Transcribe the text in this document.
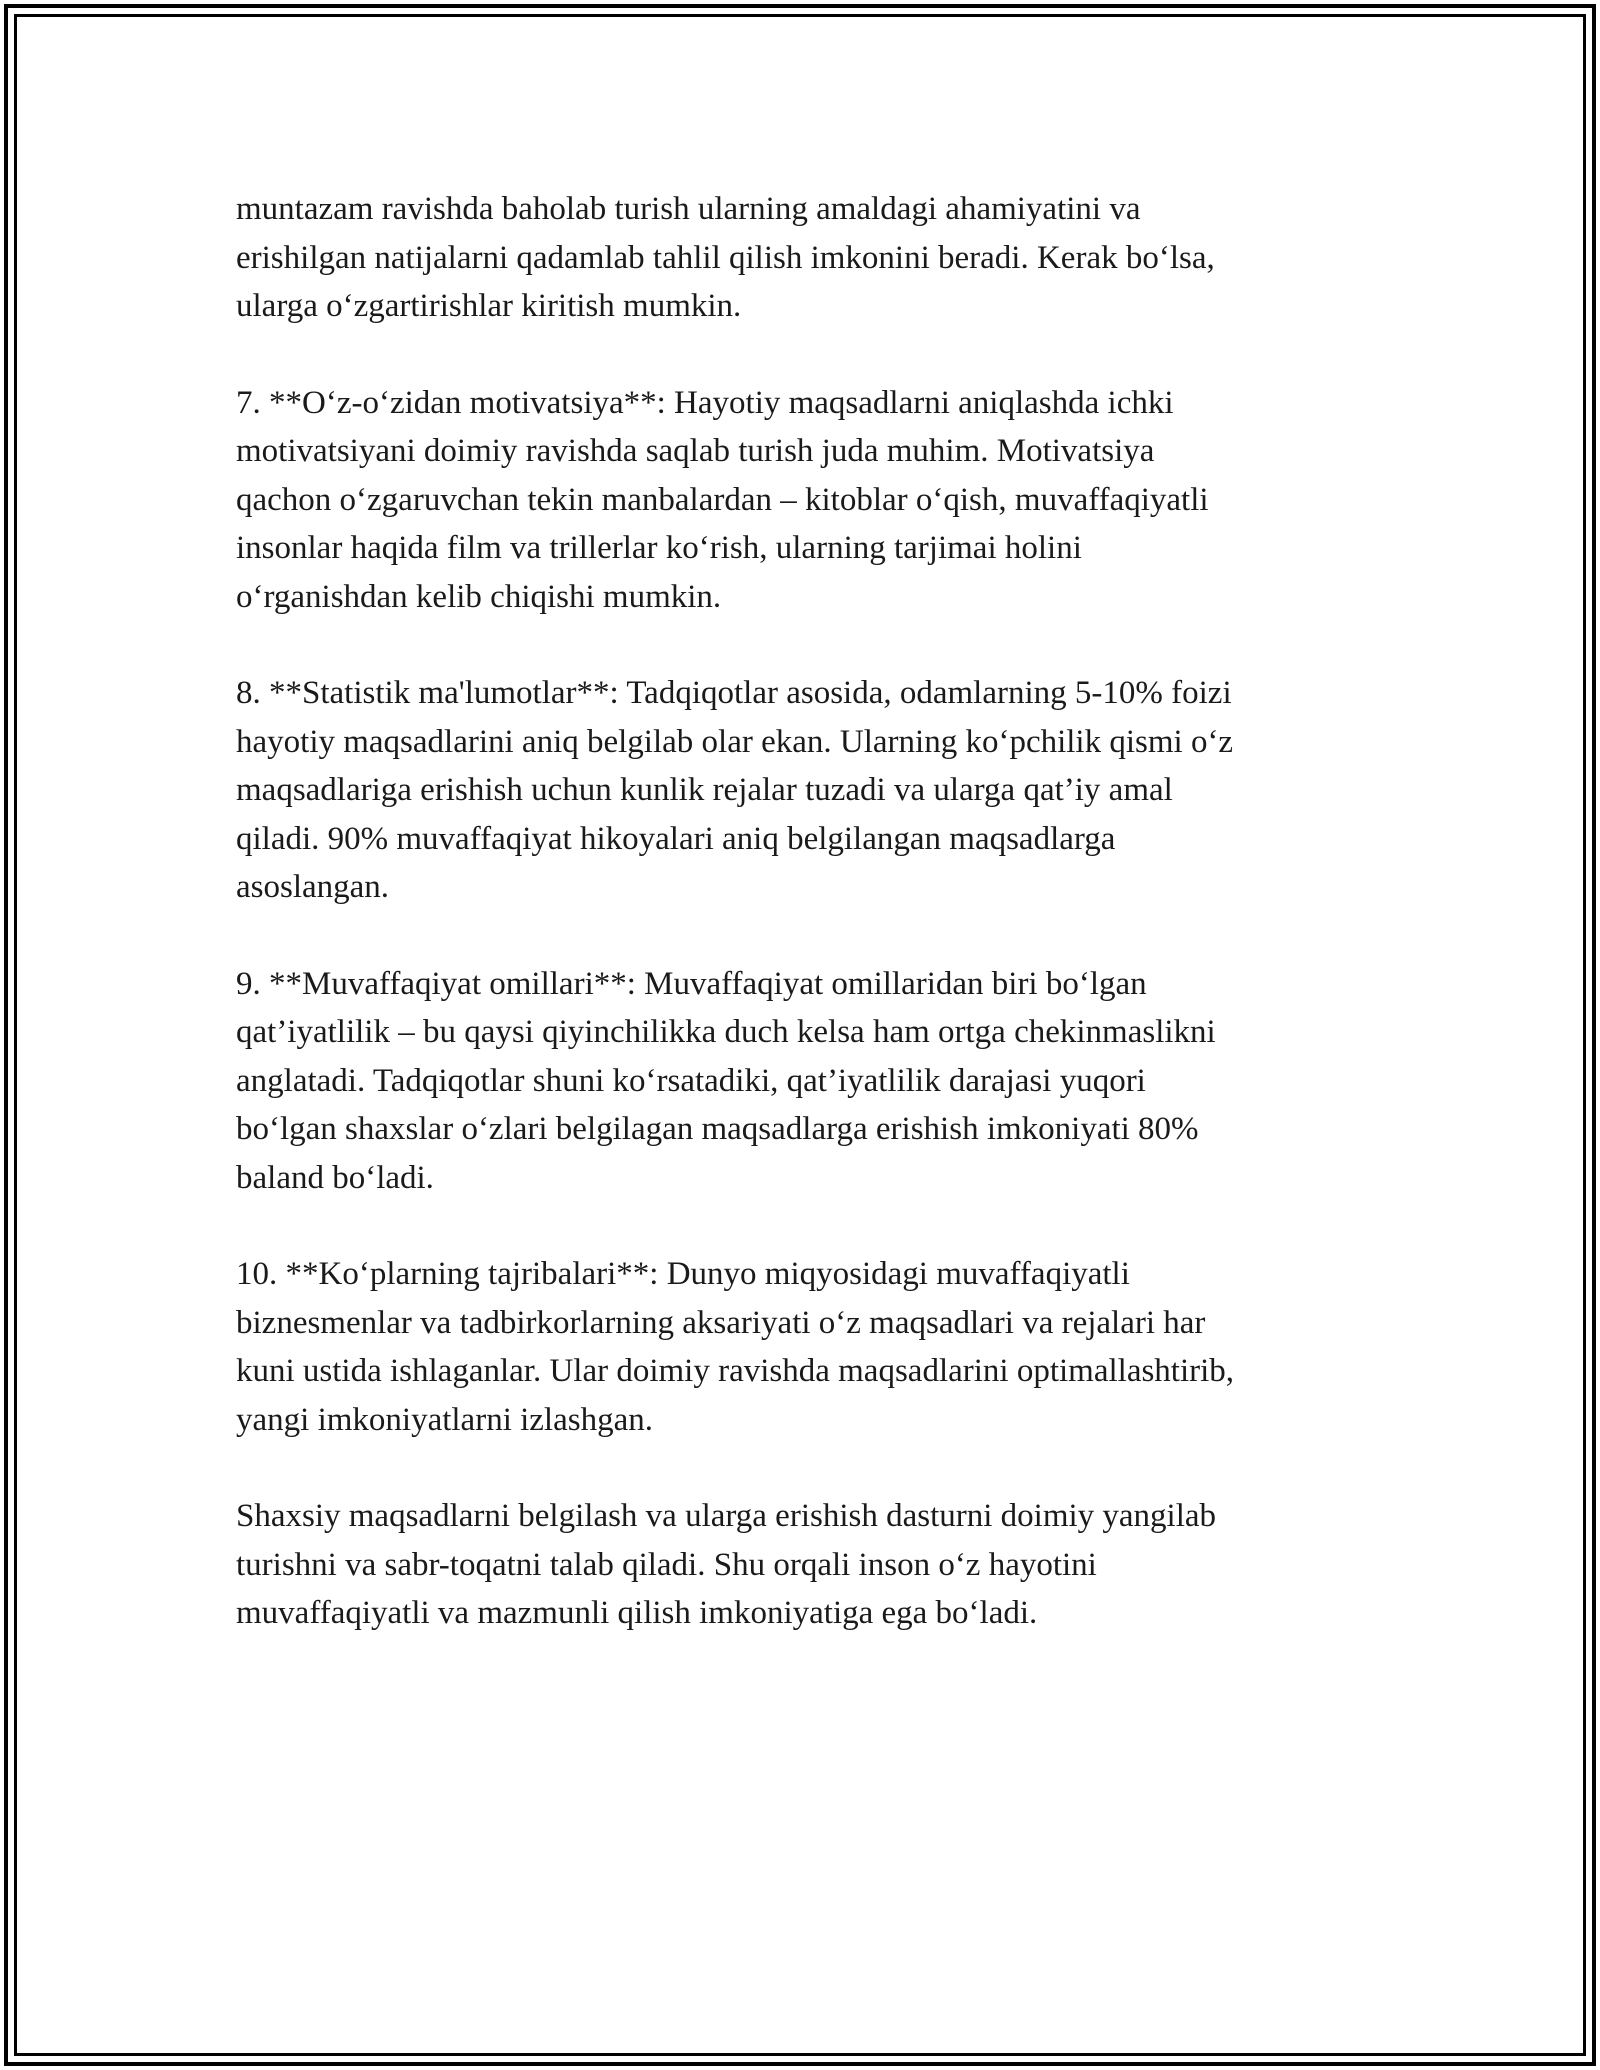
muntazam ravishda baholab turish ularning amaldagi ahamiyatini va
erishilgan natijalarni qadamlab tahlil qilish imkonini beradi. Kerak bo‘lsa,
ularga o‘zgartirishlar kiritish mumkin.

7. **O‘z-o‘zidan motivatsiya**: Hayotiy maqsadlarni aniqlashda ichki
motivatsiyani doimiy ravishda saqlab turish juda muhim. Motivatsiya
qachon o‘zgaruvchan tekin manbalardan – kitoblar o‘qish, muvaffaqiyatli
insonlar haqida film va trillerlar ko‘rish, ularning tarjimai holini
o‘rganishdan kelib chiqishi mumkin.

8. **Statistik ma'lumotlar**: Tadqiqotlar asosida, odamlarning 5-10% foizi
hayotiy maqsadlarini aniq belgilab olar ekan. Ularning ko‘pchilik qismi o‘z
maqsadlariga erishish uchun kunlik rejalar tuzadi va ularga qat’iy amal
qiladi. 90% muvaffaqiyat hikoyalari aniq belgilangan maqsadlarga
asoslangan.

9. **Muvaffaqiyat omillari**: Muvaffaqiyat omillaridan biri bo‘lgan
qat’iyatlilik – bu qaysi qiyinchilikka duch kelsa ham ortga chekinmaslikni
anglatadi. Tadqiqotlar shuni ko‘rsatadiki, qat’iyatlilik darajasi yuqori
bo‘lgan shaxslar o‘zlari belgilagan maqsadlarga erishish imkoniyati 80%
baland bo‘ladi.

10. **Ko‘plarning tajribalari**: Dunyo miqyosidagi muvaffaqiyatli
biznesmenlar va tadbirkorlarning aksariyati o‘z maqsadlari va rejalari har
kuni ustida ishlaganlar. Ular doimiy ravishda maqsadlarini optimallashtirib,
yangi imkoniyatlarni izlashgan.

Shaxsiy maqsadlarni belgilash va ularga erishish dasturni doimiy yangilab
turishni va sabr-toqatni talab qiladi. Shu orqali inson o‘z hayotini
muvaffaqiyatli va mazmunli qilish imkoniyatiga ega bo‘ladi.
